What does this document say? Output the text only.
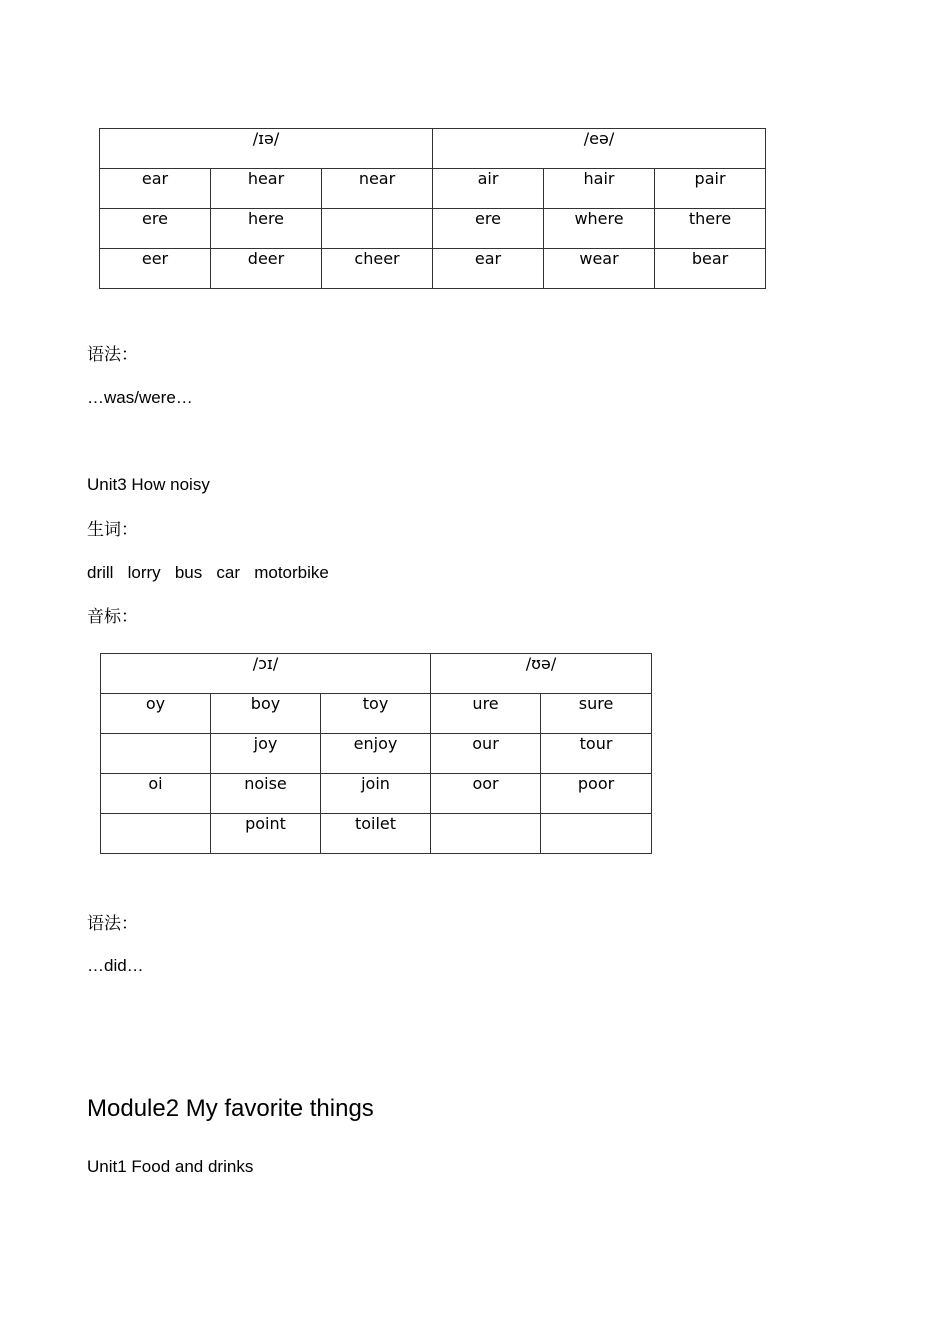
/ɪə/			/eə/		
ear	hear	near	air	hair	pair
ere	here		ere	where	there
eer	deer	cheer	ear	wear	bear
语法：
…was/were…
Unit3 How noisy
生词：
drill   lorry   bus   car   motorbike
音标：
/ɔɪ/			/ʊə/	
oy	boy	toy	ure	sure
	joy	enjoy	our	tour
oi	noise	join	oor	poor
	point	toilet		
语法：
…did…
Module2 My favorite things
Unit1 Food and drinks
